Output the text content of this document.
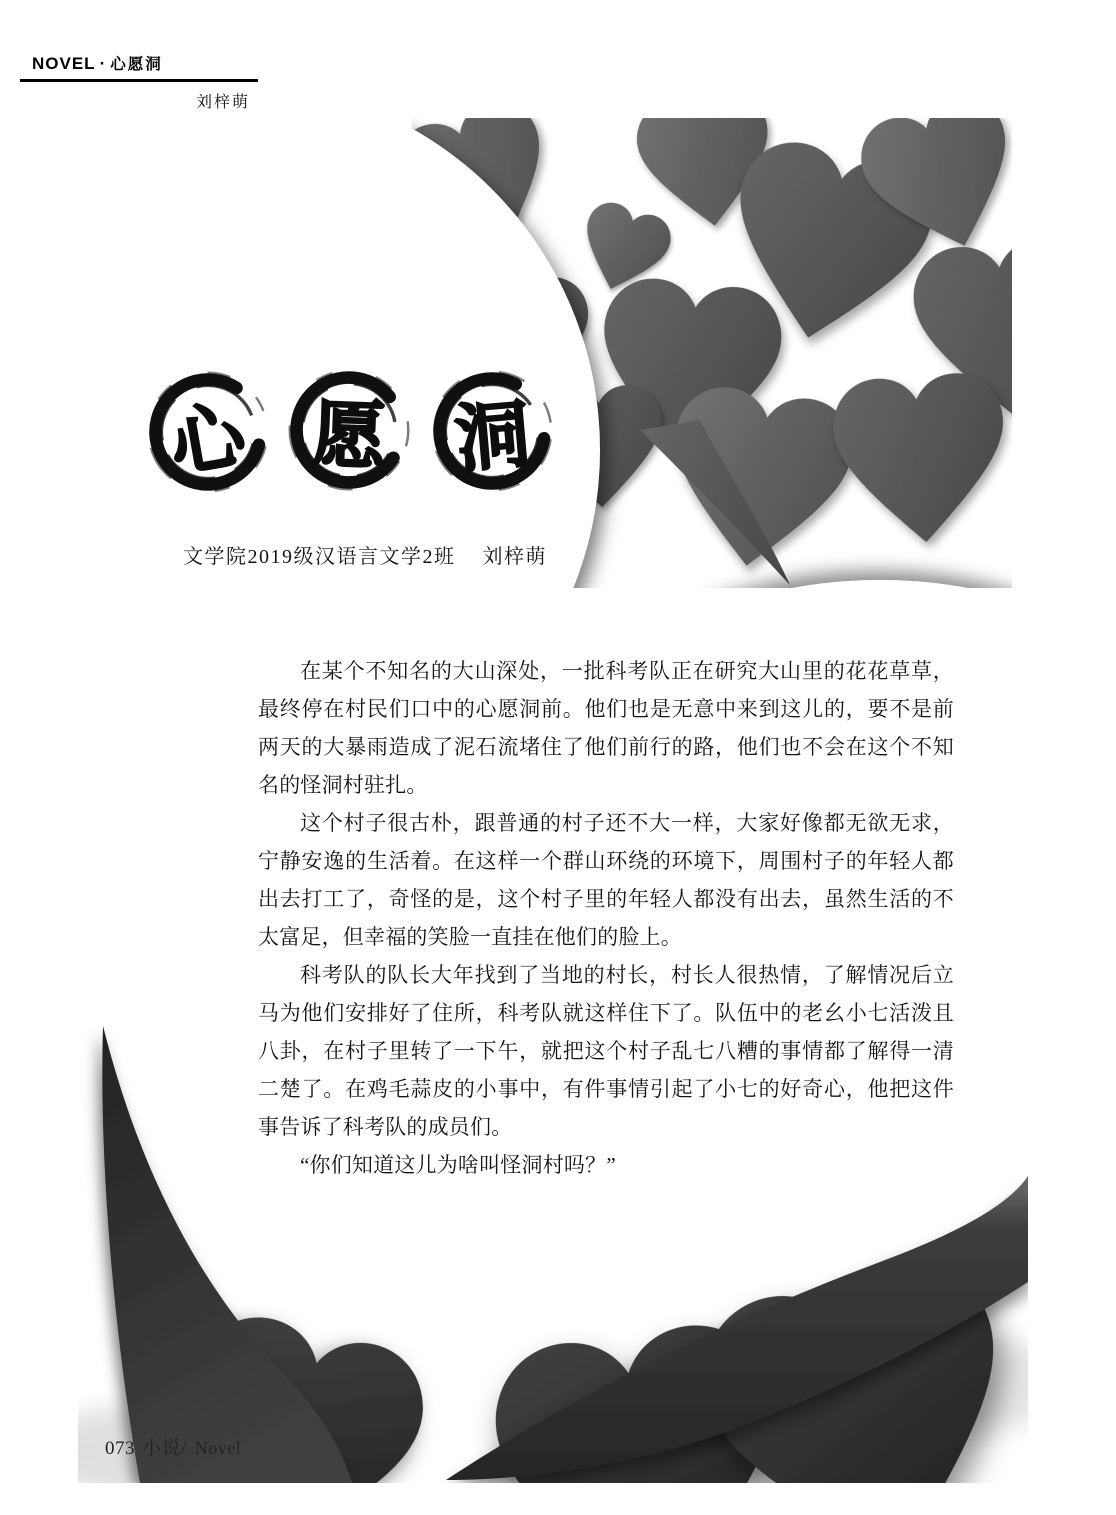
NOVEL · 心愿洞
刘梓萌
心 愿 洞
文学院2019级汉语言文学2班 刘梓萌

在某个不知名的大山深处，一批科考队正在研究大山里的花花草草，最终停在村民们口中的心愿洞前。他们也是无意中来到这儿的，要不是前两天的大暴雨造成了泥石流堵住了他们前行的路，他们也不会在这个不知名的怪洞村驻扎。

这个村子很古朴，跟普通的村子还不大一样，大家好像都无欲无求，宁静安逸的生活着。在这样一个群山环绕的环境下，周围村子的年轻人都出去打工了，奇怪的是，这个村子里的年轻人都没有出去，虽然生活的不太富足，但幸福的笑脸一直挂在他们的脸上。

科考队的队长大年找到了当地的村长，村长人很热情，了解情况后立马为他们安排好了住所，科考队就这样住下了。队伍中的老幺小七活泼且八卦，在村子里转了一下午，就把这个村子乱七八糟的事情都了解得一清二楚了。在鸡毛蒜皮的小事中，有件事情引起了小七的好奇心，他把这件事告诉了科考队的成员们。

“你们知道这儿为啥叫怪洞村吗？”

073 小说/ Novel
